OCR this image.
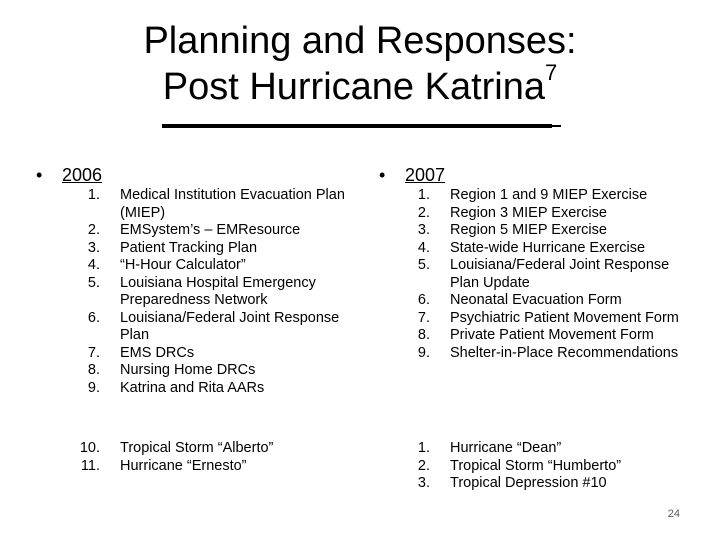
Planning and Responses:
Post Hurricane Katrina$^7$
• 2006
1.	Medical Institution Evacuation Plan (MIEP)
2.	EMSystem’s – EMResource
3.	Patient Tracking Plan
4.	“H-Hour Calculator”
5.	Louisiana Hospital Emergency Preparedness Network
6.	Louisiana/Federal Joint Response Plan
7.	EMS DRCs
8.	Nursing Home DRCs
9.	Katrina and Rita AARs
10.	Tropical Storm “Alberto”
11.	Hurricane “Ernesto”
• 2007
1.	Region 1 and 9 MIEP Exercise
2.	Region 3 MIEP Exercise
3.	Region 5 MIEP Exercise
4.	State-wide Hurricane Exercise
5.	Louisiana/Federal Joint Response Plan Update
6.	Neonatal Evacuation Form
7.	Psychiatric Patient Movement Form
8.	Private Patient Movement Form
9.	Shelter-in-Place Recommendations
1.	Hurricane “Dean”
2.	Tropical Storm “Humberto”
3.	Tropical Depression #10
24
